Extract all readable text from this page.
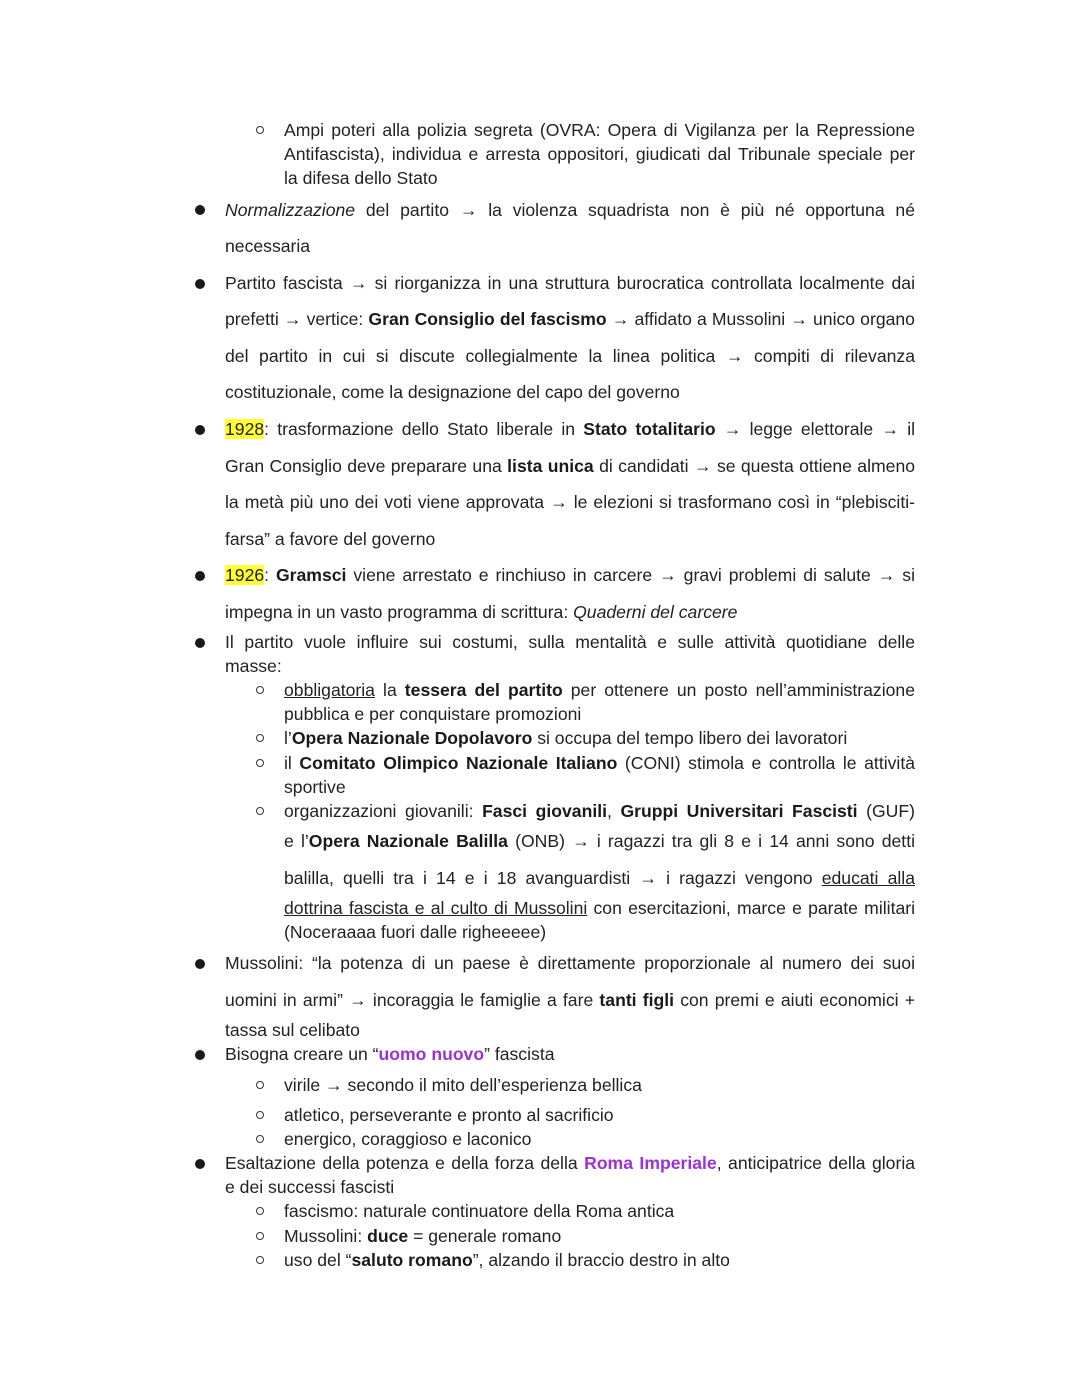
Ampi poteri alla polizia segreta (OVRA: Opera di Vigilanza per la Repressione
Antifascista), individua e arresta oppositori, giudicati dal Tribunale speciale per
la difesa dello Stato
Normalizzazione del partito → la violenza squadrista non è più né opportuna né
necessaria
Partito fascista → si riorganizza in una struttura burocratica controllata localmente dai
prefetti → vertice: Gran Consiglio del fascismo → affidato a Mussolini → unico organo
del partito in cui si discute collegialmente la linea politica → compiti di rilevanza
costituzionale, come la designazione del capo del governo
1928: trasformazione dello Stato liberale in Stato totalitario → legge elettorale → il
Gran Consiglio deve preparare una lista unica di candidati → se questa ottiene almeno
la metà più uno dei voti viene approvata → le elezioni si trasformano così in “plebisciti-
farsa” a favore del governo
1926: Gramsci viene arrestato e rinchiuso in carcere → gravi problemi di salute → si
impegna in un vasto programma di scrittura: Quaderni del carcere
Il partito vuole influire sui costumi, sulla mentalità e sulle attività quotidiane delle
masse:
obbligatoria la tessera del partito per ottenere un posto nell’amministrazione
pubblica e per conquistare promozioni
l’Opera Nazionale Dopolavoro si occupa del tempo libero dei lavoratori
il Comitato Olimpico Nazionale Italiano (CONI) stimola e controlla le attività
sportive
organizzazioni giovanili: Fasci giovanili, Gruppi Universitari Fascisti (GUF)
e l’Opera Nazionale Balilla (ONB) → i ragazzi tra gli 8 e i 14 anni sono detti
balilla, quelli tra i 14 e i 18 avanguardisti → i ragazzi vengono educati alla
dottrina fascista e al culto di Mussolini con esercitazioni, marce e parate militari
(Noceraaaa fuori dalle righeeeee)
Mussolini: “la potenza di un paese è direttamente proporzionale al numero dei suoi
uomini in armi” → incoraggia le famiglie a fare tanti figli con premi e aiuti economici +
tassa sul celibato
Bisogna creare un “uomo nuovo” fascista
virile → secondo il mito dell’esperienza bellica
atletico, perseverante e pronto al sacrificio
energico, coraggioso e laconico
Esaltazione della potenza e della forza della Roma Imperiale, anticipatrice della gloria
e dei successi fascisti
fascismo: naturale continuatore della Roma antica
Mussolini: duce = generale romano
uso del “saluto romano”, alzando il braccio destro in alto
